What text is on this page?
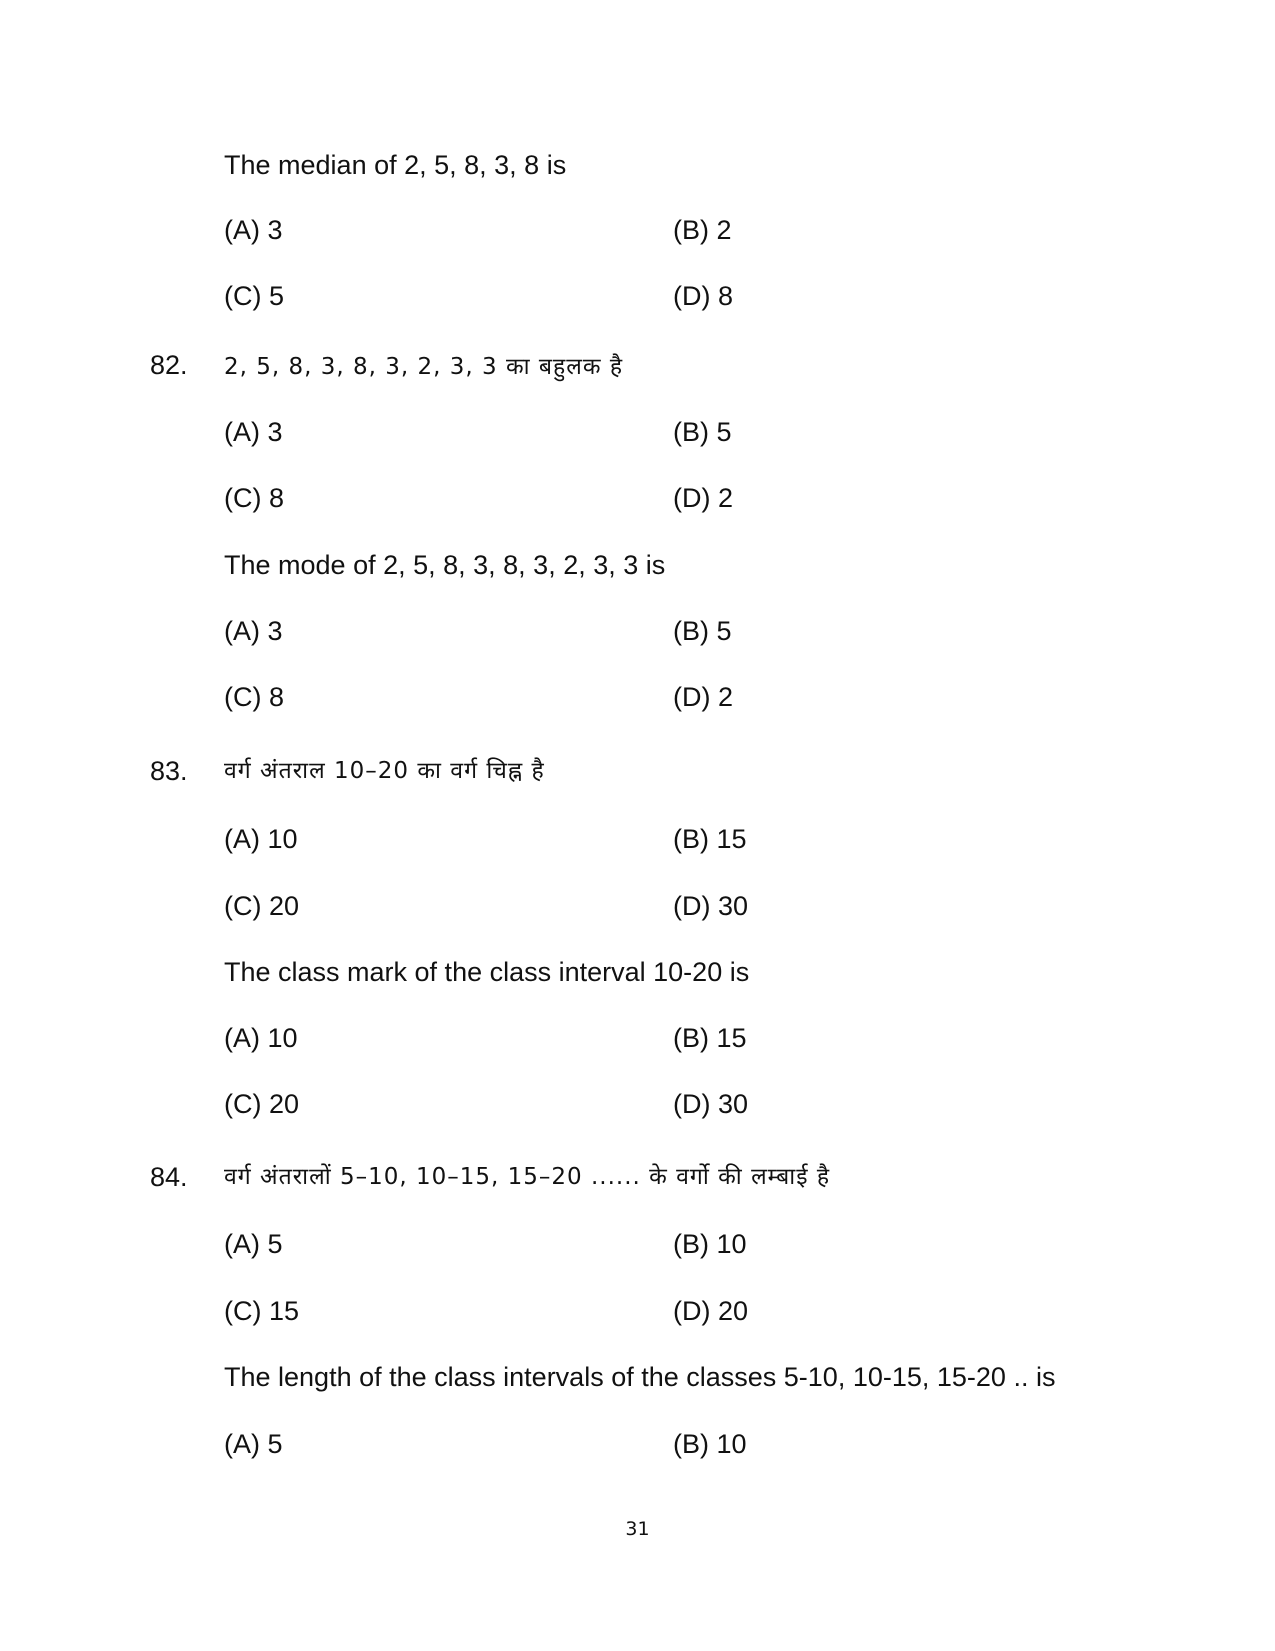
The median of 2, 5, 8, 3, 8 is
(A) 3	(B) 2
(C) 5	(D) 8
82. 2, 5, 8, 3, 8, 3, 2, 3, 3 का बहुलक है
(A) 3	(B) 5
(C) 8	(D) 2
The mode of 2, 5, 8, 3, 8, 3, 2, 3, 3 is
(A) 3	(B) 5
(C) 8	(D) 2
83. वर्ग अंतराल 10–20 का वर्ग चिह्न है
(A) 10	(B) 15
(C) 20	(D) 30
The class mark of the class interval 10-20 is
(A) 10	(B) 15
(C) 20	(D) 30
84. वर्ग अंतरालों 5–10, 10–15, 15–20 ...... के वर्गो की लम्बाई है
(A) 5	(B) 10
(C) 15	(D) 20
The length of the class intervals of the classes 5-10, 10-15, 15-20 .. is
(A) 5	(B) 10
31
